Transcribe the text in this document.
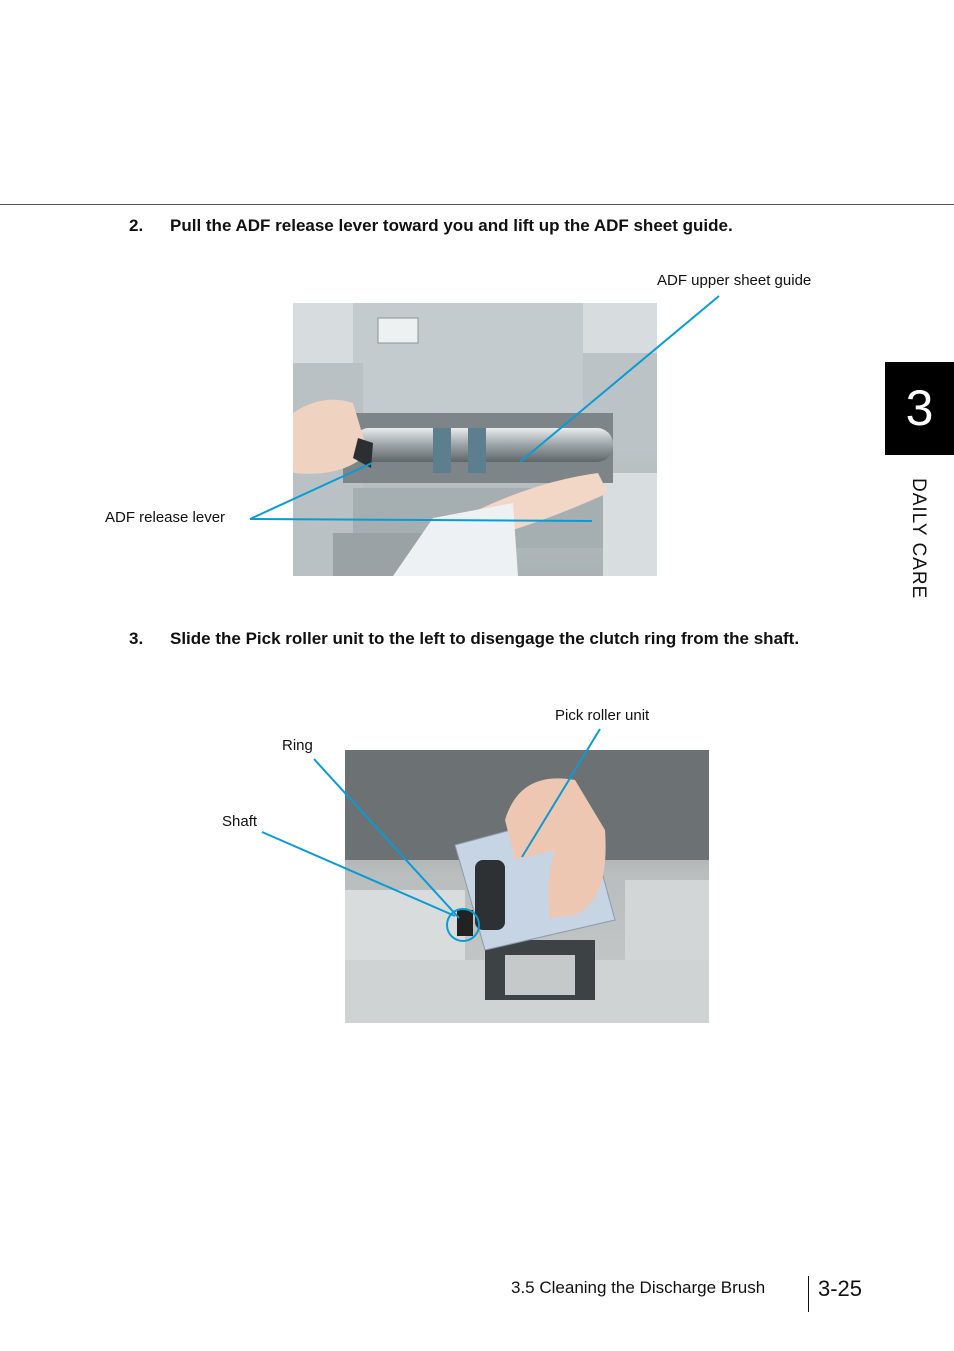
2. Pull the ADF release lever toward you and lift up the ADF sheet guide.
ADF upper sheet guide
ADF release lever
3. Slide the Pick roller unit to the left to disengage the clutch ring from the shaft.
Pick roller unit
Ring
Shaft
3
DAILY CARE
3.5 Cleaning the Discharge Brush 3-25
